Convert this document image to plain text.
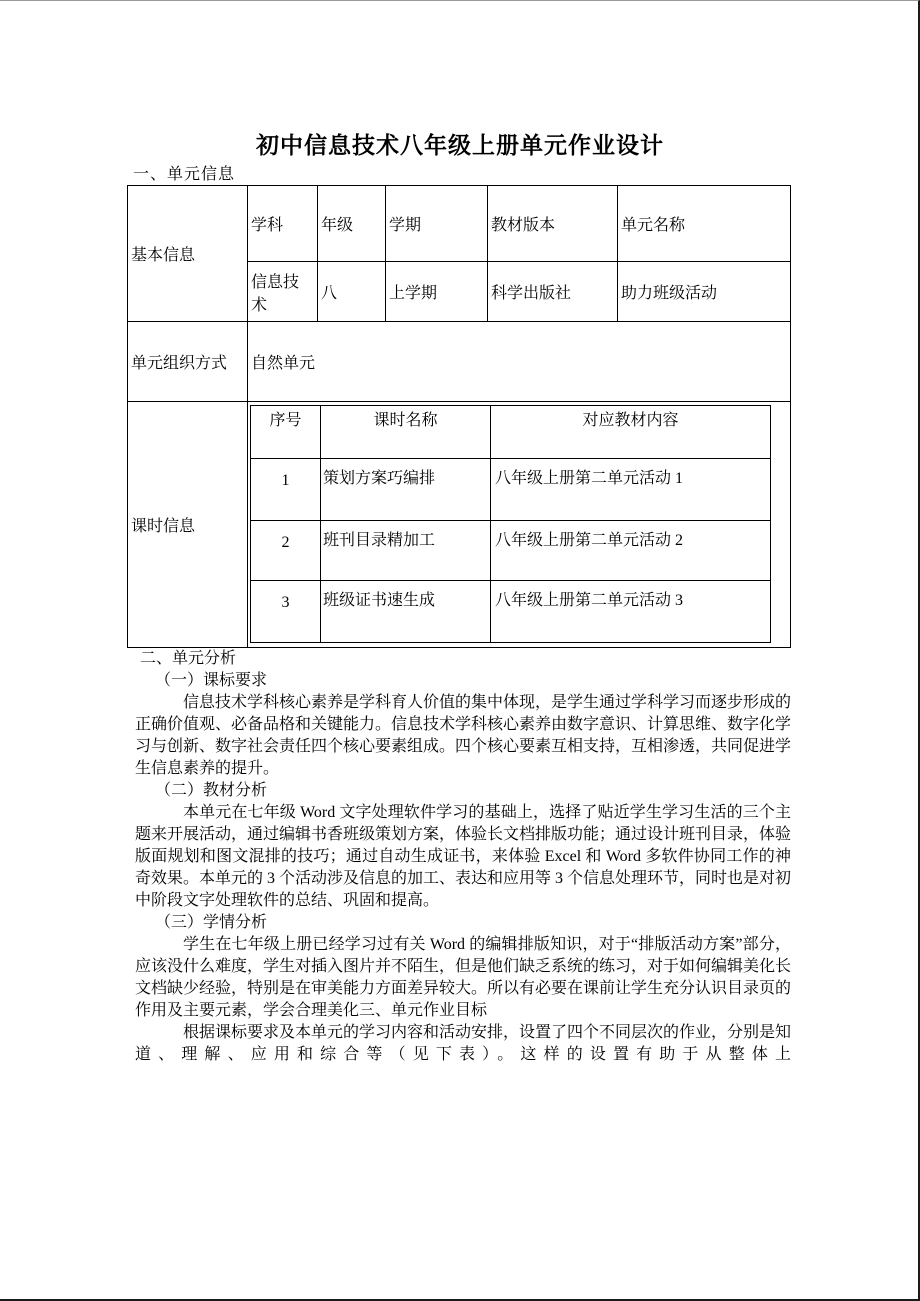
初中信息技术八年级上册单元作业设计
一、单元信息
基本信息	学科	年级	学期	教材版本	单元名称
信息技术	八	上学期	科学出版社	助力班级活动
单元组织方式	自然单元
课时信息	
序号	课时名称	对应教材内容
1	策划方案巧编排	八年级上册第二单元活动 1
2	班刊目录精加工	八年级上册第二单元活动 2
3	班级证书速生成	八年级上册第二单元活动 3
二、单元分析
（一）课标要求

信息技术学科核心素养是学科育人价值的集中体现，是学生通过学科学习而逐步形成的正确价值观、必备品格和关键能力。信息技术学科核心素养由数字意识、计算思维、数字化学习与创新、数字社会责任四个核心要素组成。四个核心要素互相支持，互相渗透，共同促进学生信息素养的提升。

（二）教材分析

本单元在七年级 Word 文字处理软件学习的基础上，选择了贴近学生学习生活的三个主题来开展活动，通过编辑书香班级策划方案，体验长文档排版功能；通过设计班刊目录，体验版面规划和图文混排的技巧；通过自动生成证书，来体验 Excel 和 Word 多软件协同工作的神奇效果。本单元的 3 个活动涉及信息的加工、表达和应用等 3 个信息处理环节，同时也是对初中阶段文字处理软件的总结、巩固和提高。

（三）学情分析

学生在七年级上册已经学习过有关 Word 的编辑排版知识，对于“排版活动方案”部分，应该没什么难度，学生对插入图片并不陌生，但是他们缺乏系统的练习，对于如何编辑美化长文档缺少经验，特别是在审美能力方面差异较大。所以有必要在课前让学生充分认识目录页的作用及主要元素，学会合理美化三、单元作业目标

根据课标要求及本单元的学习内容和活动安排，设置了四个不同层次的作业，分别是知道、理解、应用和综合等（见下表）。这样的设置有助于从整体上
